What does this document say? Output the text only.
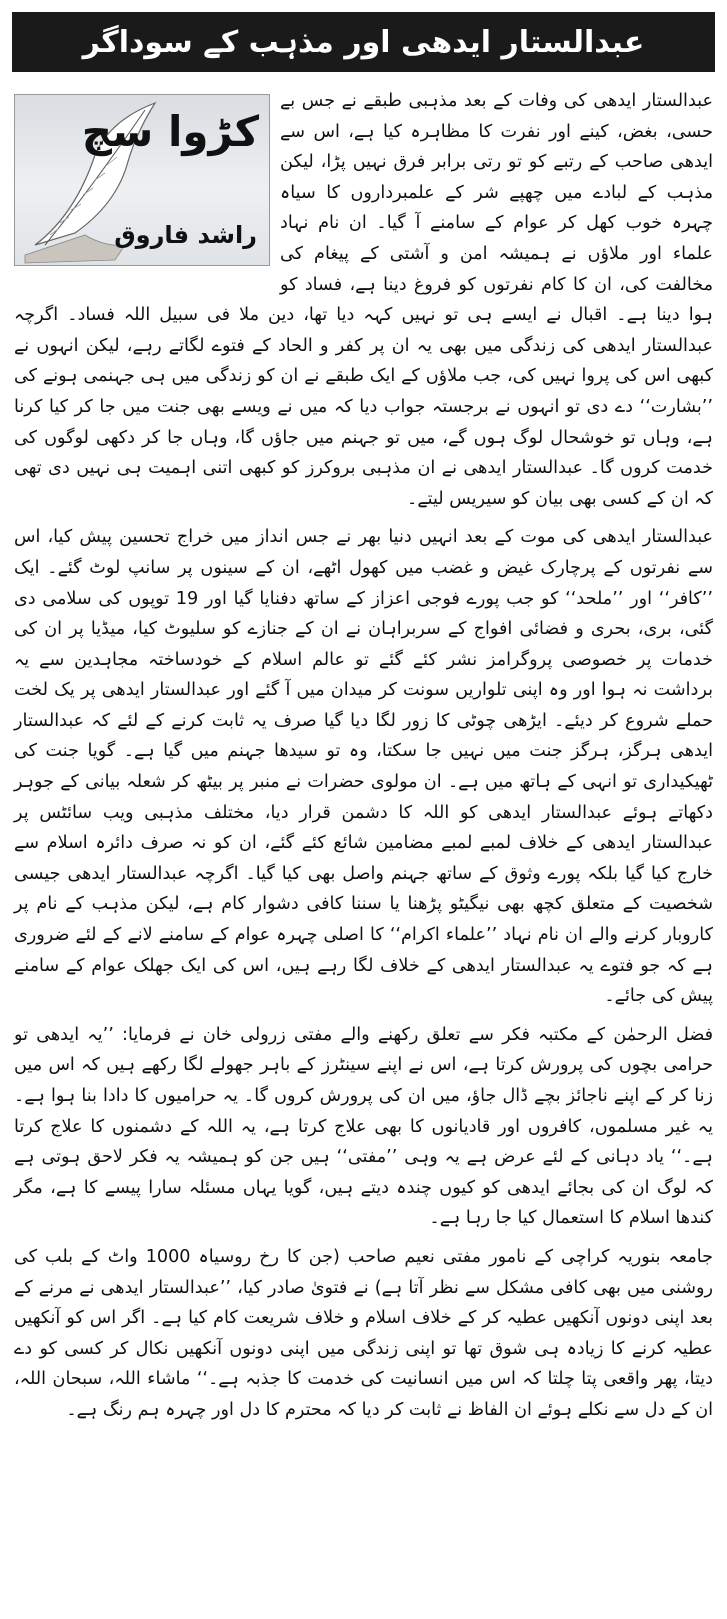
عبدالستار ایدھی اور مذہب کے سوداگر

کڑوا سچ
راشد فاروق
عبدالستار ایدھی کی وفات کے بعد مذہبی طبقے نے جس بے حسی، بغض، کینے اور نفرت کا مظاہرہ کیا ہے، اس سے ایدھی صاحب کے رتبے کو تو رتی برابر فرق نہیں پڑا، لیکن مذہب کے لبادے میں چھپے شر کے علمبرداروں کا سیاہ چہرہ خوب کھل کر عوام کے سامنے آ گیا۔ ان نام نہاد علماء اور ملاؤں نے ہمیشہ امن و آشتی کے پیغام کی مخالفت کی، ان کا کام نفرتوں کو فروغ دینا ہے، فساد کو ہوا دینا ہے۔ اقبال نے ایسے ہی تو نہیں کہہ دیا تھا، دین ملا فی سبیل اللہ فساد۔ اگرچہ عبدالستار ایدھی کی زندگی میں بھی یہ ان پر کفر و الحاد کے فتوے لگاتے رہے، لیکن انہوں نے کبھی اس کی پروا نہیں کی، جب ملاؤں کے ایک طبقے نے ان کو زندگی میں ہی جہنمی ہونے کی ’’بشارت‘‘ دے دی تو انہوں نے برجستہ جواب دیا کہ میں نے ویسے بھی جنت میں جا کر کیا کرنا ہے، وہاں تو خوشحال لوگ ہوں گے، میں تو جہنم میں جاؤں گا، وہاں جا کر دکھی لوگوں کی خدمت کروں گا۔ عبدالستار ایدھی نے ان مذہبی بروکرز کو کبھی اتنی اہمیت ہی نہیں دی تھی کہ ان کے کسی بھی بیان کو سیریس لیتے۔

عبدالستار ایدھی کی موت کے بعد انہیں دنیا بھر نے جس انداز میں خراج تحسین پیش کیا، اس سے نفرتوں کے پرچارک غیض و غضب میں کھول اٹھے، ان کے سینوں پر سانپ لوٹ گئے۔ ایک ’’کافر‘‘ اور ’’ملحد‘‘ کو جب پورے فوجی اعزاز کے ساتھ دفنایا گیا اور 19 توپوں کی سلامی دی گئی، بری، بحری و فضائی افواج کے سربراہان نے ان کے جنازے کو سلیوٹ کیا، میڈیا پر ان کی خدمات پر خصوصی پروگرامز نشر کئے گئے تو عالم اسلام کے خودساختہ مجاہدین سے یہ برداشت نہ ہوا اور وہ اپنی تلواریں سونت کر میدان میں آ گئے اور عبدالستار ایدھی پر یک لخت حملے شروع کر دیئے۔ ایڑھی چوٹی کا زور لگا دیا گیا صرف یہ ثابت کرنے کے لئے کہ عبدالستار ایدھی ہرگز، ہرگز جنت میں نہیں جا سکتا، وہ تو سیدھا جہنم میں گیا ہے۔ گویا جنت کی ٹھیکیداری تو انہی کے ہاتھ میں ہے۔ ان مولوی حضرات نے منبر پر بیٹھ کر شعلہ بیانی کے جوہر دکھاتے ہوئے عبدالستار ایدھی کو اللہ کا دشمن قرار دیا، مختلف مذہبی ویب سائٹس پر عبدالستار ایدھی کے خلاف لمبے لمبے مضامین شائع کئے گئے، ان کو نہ صرف دائرہ اسلام سے خارج کیا گیا بلکہ پورے وثوق کے ساتھ جہنم واصل بھی کیا گیا۔ اگرچہ عبدالستار ایدھی جیسی شخصیت کے متعلق کچھ بھی نیگیٹو پڑھنا یا سننا کافی دشوار کام ہے، لیکن مذہب کے نام پر کاروبار کرنے والے ان نام نہاد ’’علماء اکرام‘‘ کا اصلی چہرہ عوام کے سامنے لانے کے لئے ضروری ہے کہ جو فتوے یہ عبدالستار ایدھی کے خلاف لگا رہے ہیں، اس کی ایک جھلک عوام کے سامنے پیش کی جائے۔

فضل الرحمٰن کے مکتبہ فکر سے تعلق رکھنے والے مفتی زرولی خان نے فرمایا: ’’یہ ایدھی تو حرامی بچوں کی پرورش کرتا ہے، اس نے اپنے سینٹرز کے باہر جھولے لگا رکھے ہیں کہ اس میں زنا کر کے اپنے ناجائز بچے ڈال جاؤ، میں ان کی پرورش کروں گا۔ یہ حرامیوں کا دادا بنا ہوا ہے۔ یہ غیر مسلموں، کافروں اور قادیانوں کا بھی علاج کرتا ہے، یہ اللہ کے دشمنوں کا علاج کرتا ہے۔‘‘ یاد دہانی کے لئے عرض ہے یہ وہی ’’مفتی‘‘ ہیں جن کو ہمیشہ یہ فکر لاحق ہوتی ہے کہ لوگ ان کی بجائے ایدھی کو کیوں چندہ دیتے ہیں، گویا یہاں مسئلہ سارا پیسے کا ہے، مگر کندھا اسلام کا استعمال کیا جا رہا ہے۔

جامعہ بنوریہ کراچی کے نامور مفتی نعیم صاحب (جن کا رخ روسیاہ 1000 واٹ کے بلب کی روشنی میں بھی کافی مشکل سے نظر آتا ہے) نے فتویٰ صادر کیا، ’’عبدالستار ایدھی نے مرنے کے بعد اپنی دونوں آنکھیں عطیہ کر کے خلاف اسلام و خلاف شریعت کام کیا ہے۔ اگر اس کو آنکھیں عطیہ کرنے کا زیادہ ہی شوق تھا تو اپنی زندگی میں اپنی دونوں آنکھیں نکال کر کسی کو دے دیتا، پھر واقعی پتا چلتا کہ اس میں انسانیت کی خدمت کا جذبہ ہے۔‘‘ ماشاء اللہ، سبحان اللہ، ان کے دل سے نکلے ہوئے ان الفاظ نے ثابت کر دیا کہ محترم کا دل اور چہرہ ہم رنگ ہے۔
